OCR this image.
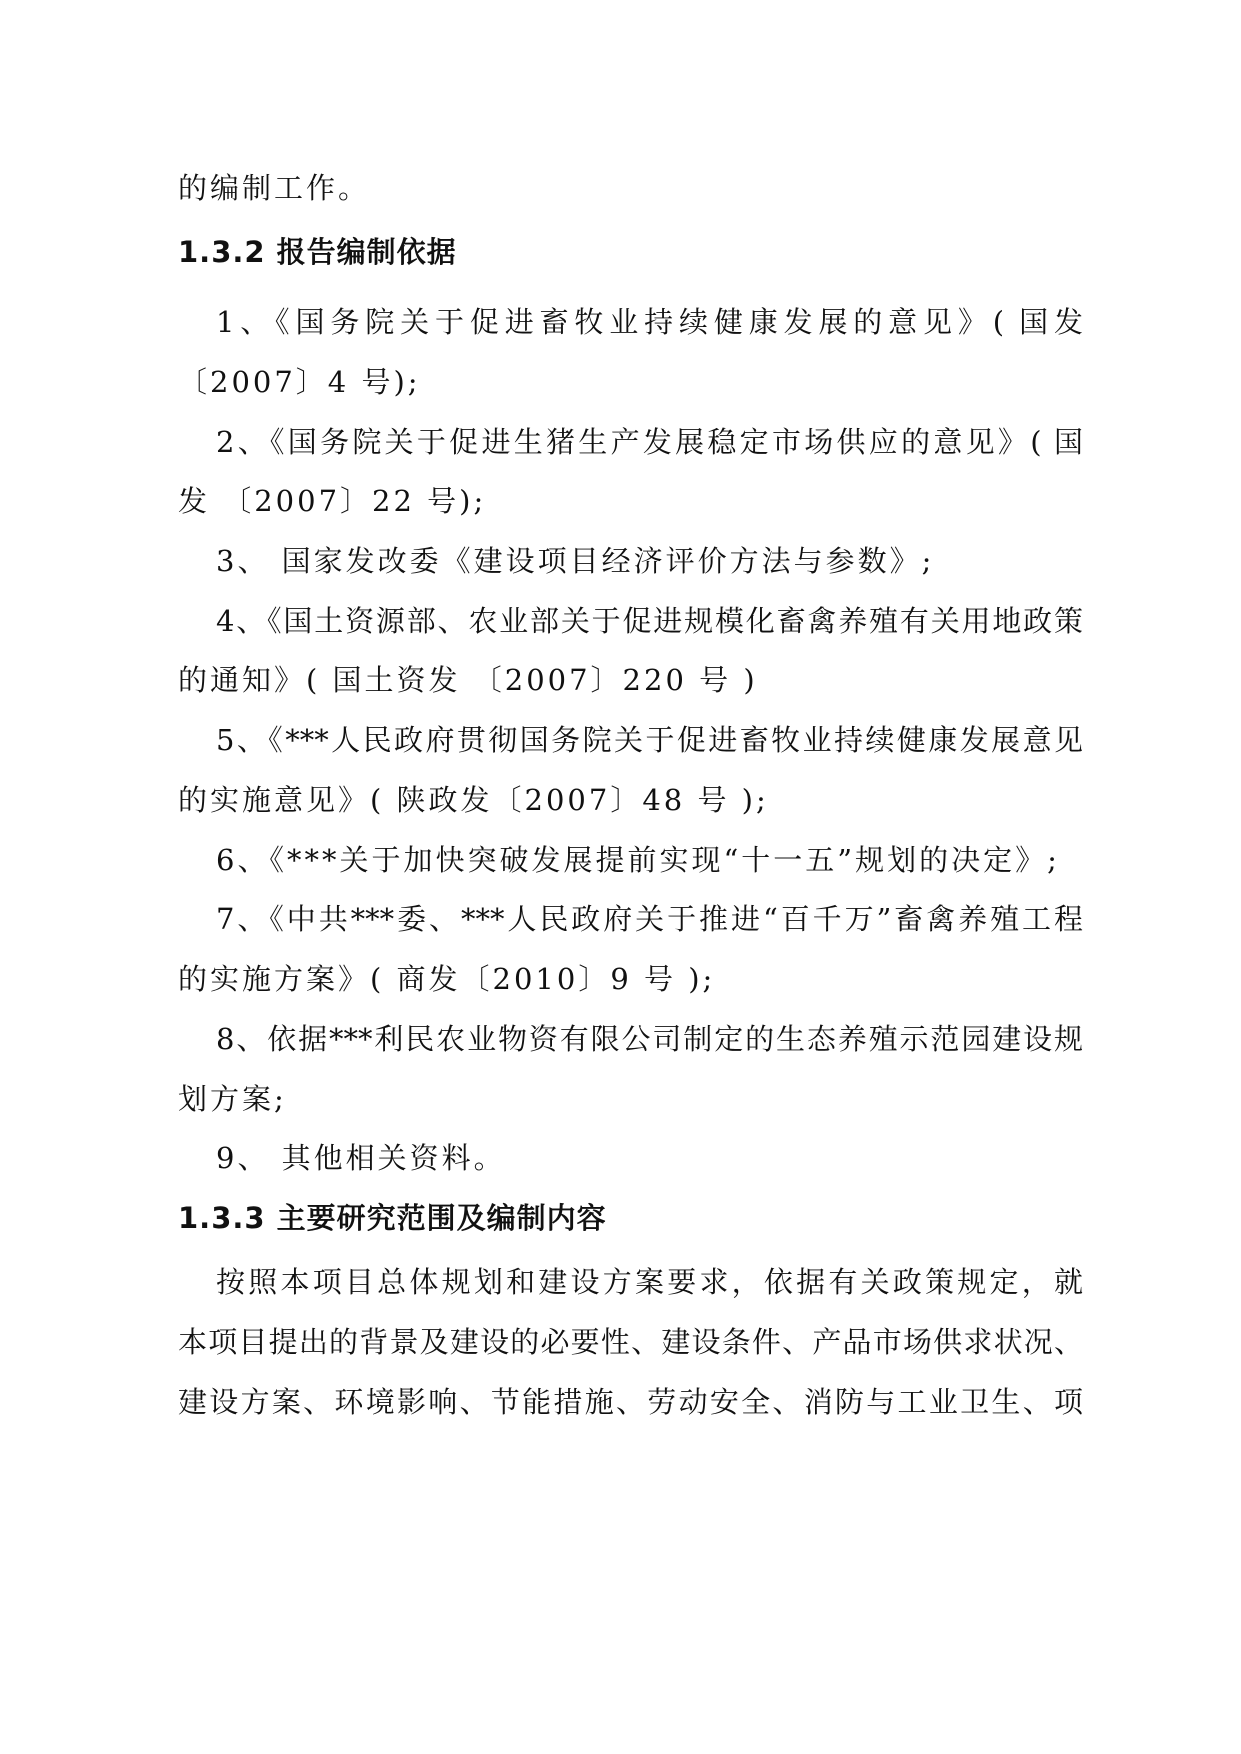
的编制工作。
1.3.2 报告编制依据
1、《国务院关于促进畜牧业持续健康发展的意见》( 国发
〔2007〕4 号);
2、《国务院关于促进生猪生产发展稳定市场供应的意见》( 国
发 〔2007〕22 号);
3、 国家发改委《建设项目经济评价方法与参数》;
4、《国土资源部、农业部关于促进规模化畜禽养殖有关用地政策
的通知》( 国土资发 〔2007〕220 号 )
5、《***人民政府贯彻国务院关于促进畜牧业持续健康发展意见
的实施意见》( 陕政发〔2007〕48 号 );
6、《***关于加快突破发展提前实现“十一五”规划的决定》;
7、《中共***委、***人民政府关于推进“百千万”畜禽养殖工程
的实施方案》( 商发〔2010〕9 号 );
8、依据***利民农业物资有限公司制定的生态养殖示范园建设规
划方案;
9、 其他相关资料。
1.3.3 主要研究范围及编制内容
按照本项目总体规划和建设方案要求，依据有关政策规定，就
本项目提出的背景及建设的必要性、建设条件、产品市场供求状况、
建设方案、环境影响、节能措施、劳动安全、消防与工业卫生、项
